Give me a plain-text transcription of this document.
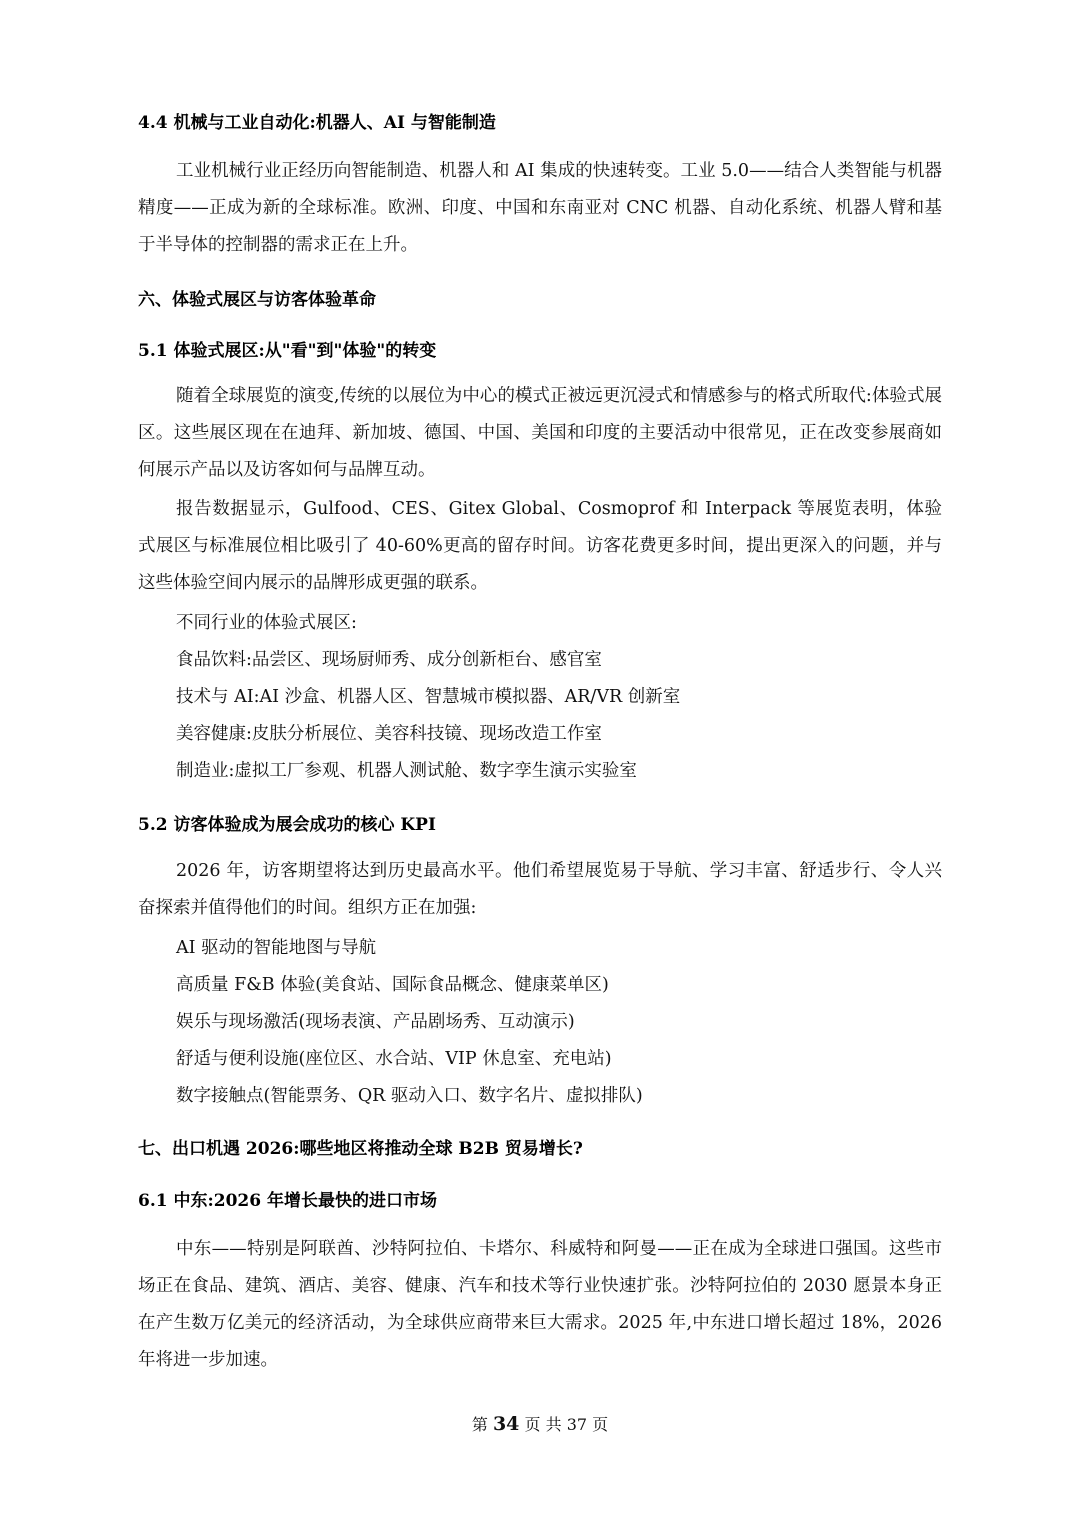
4.4 机械与工业自动化:机器人、AI 与智能制造
工业机械行业正经历向智能制造、机器人和 AI 集成的快速转变。工业 5.0——结合人类智能与机器精度——正成为新的全球标准。欧洲、印度、中国和东南亚对 CNC 机器、自动化系统、机器人臂和基于半导体的控制器的需求正在上升。
六、体验式展区与访客体验革命
5.1 体验式展区:从"看"到"体验"的转变
随着全球展览的演变,传统的以展位为中心的模式正被远更沉浸式和情感参与的格式所取代:体验式展区。这些展区现在在迪拜、新加坡、德国、中国、美国和印度的主要活动中很常见，正在改变参展商如何展示产品以及访客如何与品牌互动。
报告数据显示，Gulfood、CES、Gitex Global、Cosmoprof 和 Interpack 等展览表明，体验式展区与标准展位相比吸引了 40-60%更高的留存时间。访客花费更多时间，提出更深入的问题，并与这些体验空间内展示的品牌形成更强的联系。
不同行业的体验式展区:
食品饮料:品尝区、现场厨师秀、成分创新柜台、感官室
技术与 AI:AI 沙盒、机器人区、智慧城市模拟器、AR/VR 创新室
美容健康:皮肤分析展位、美容科技镜、现场改造工作室
制造业:虚拟工厂参观、机器人测试舱、数字孪生演示实验室
5.2 访客体验成为展会成功的核心 KPI
2026 年，访客期望将达到历史最高水平。他们希望展览易于导航、学习丰富、舒适步行、令人兴奋探索并值得他们的时间。组织方正在加强:
AI 驱动的智能地图与导航
高质量 F&B 体验(美食站、国际食品概念、健康菜单区)
娱乐与现场激活(现场表演、产品剧场秀、互动演示)
舒适与便利设施(座位区、水合站、VIP 休息室、充电站)
数字接触点(智能票务、QR 驱动入口、数字名片、虚拟排队)
七、出口机遇 2026:哪些地区将推动全球 B2B 贸易增长?
6.1 中东:2026 年增长最快的进口市场
中东——特别是阿联酋、沙特阿拉伯、卡塔尔、科威特和阿曼——正在成为全球进口强国。这些市场正在食品、建筑、酒店、美容、健康、汽车和技术等行业快速扩张。沙特阿拉伯的 2030 愿景本身正在产生数万亿美元的经济活动，为全球供应商带来巨大需求。2025 年,中东进口增长超过 18%，2026 年将进一步加速。
第 34 页 共 37 页
